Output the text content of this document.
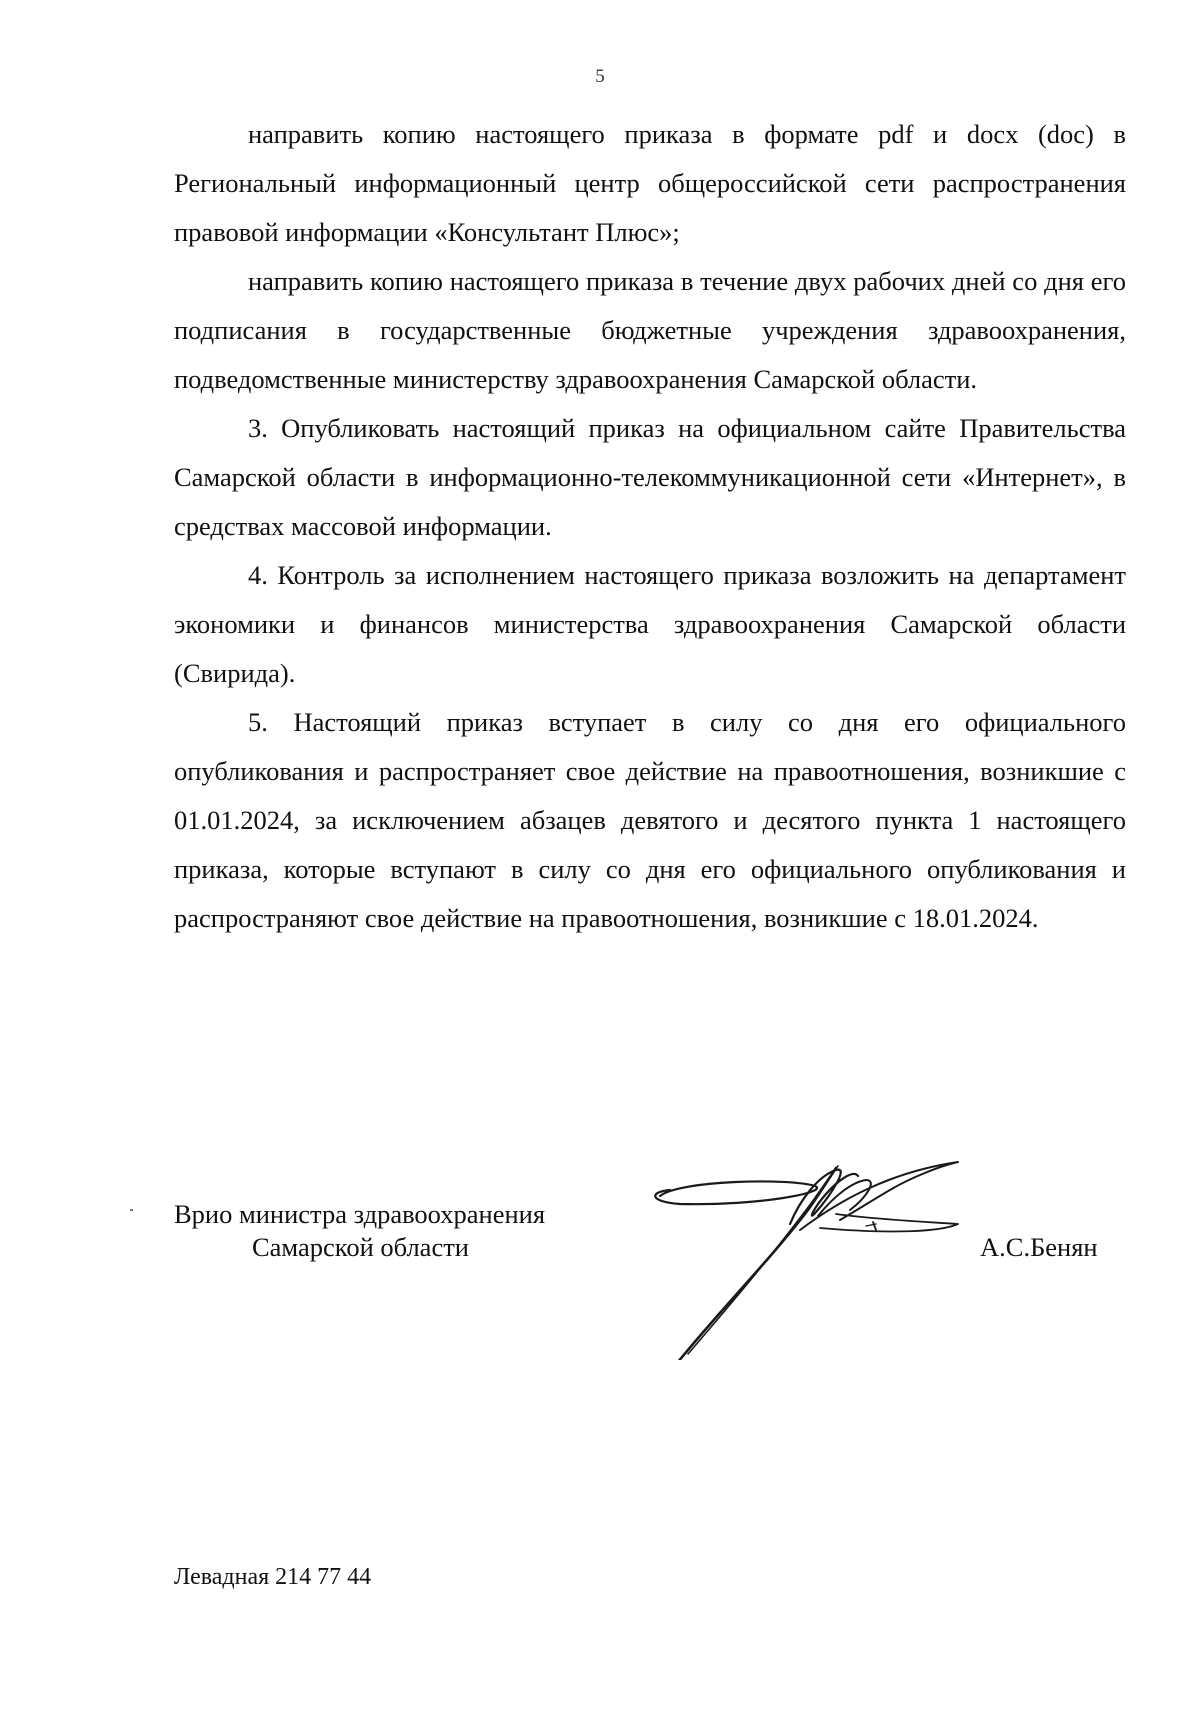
5

направить копию настоящего приказа в формате pdf и docx (doc) в Региональный информационный центр общероссийской сети распространения правовой информации «Консультант Плюс»;

направить копию настоящего приказа в течение двух рабочих дней со дня его подписания в государственные бюджетные учреждения здравоохранения, подведомственные министерству здравоохранения Самарской области.

3. Опубликовать настоящий приказ на официальном сайте Правительства Самарской области в информационно-телекоммуникационной сети «Интернет», в средствах массовой информации.

4. Контроль за исполнением настоящего приказа возложить на департамент экономики и финансов министерства здравоохранения Самарской области (Свирида).

5. Настоящий приказ вступает в силу со дня его официального опубликования и распространяет свое действие на правоотношения, возникшие с 01.01.2024, за исключением абзацев девятого и десятого пункта 1 настоящего приказа, которые вступают в силу со дня его официального опубликования и распространяют свое действие на правоотношения, возникшие с 18.01.2024.

Врио министра здравоохранения
Самарской области	А.С.Бенян
Левадная 214 77 44
